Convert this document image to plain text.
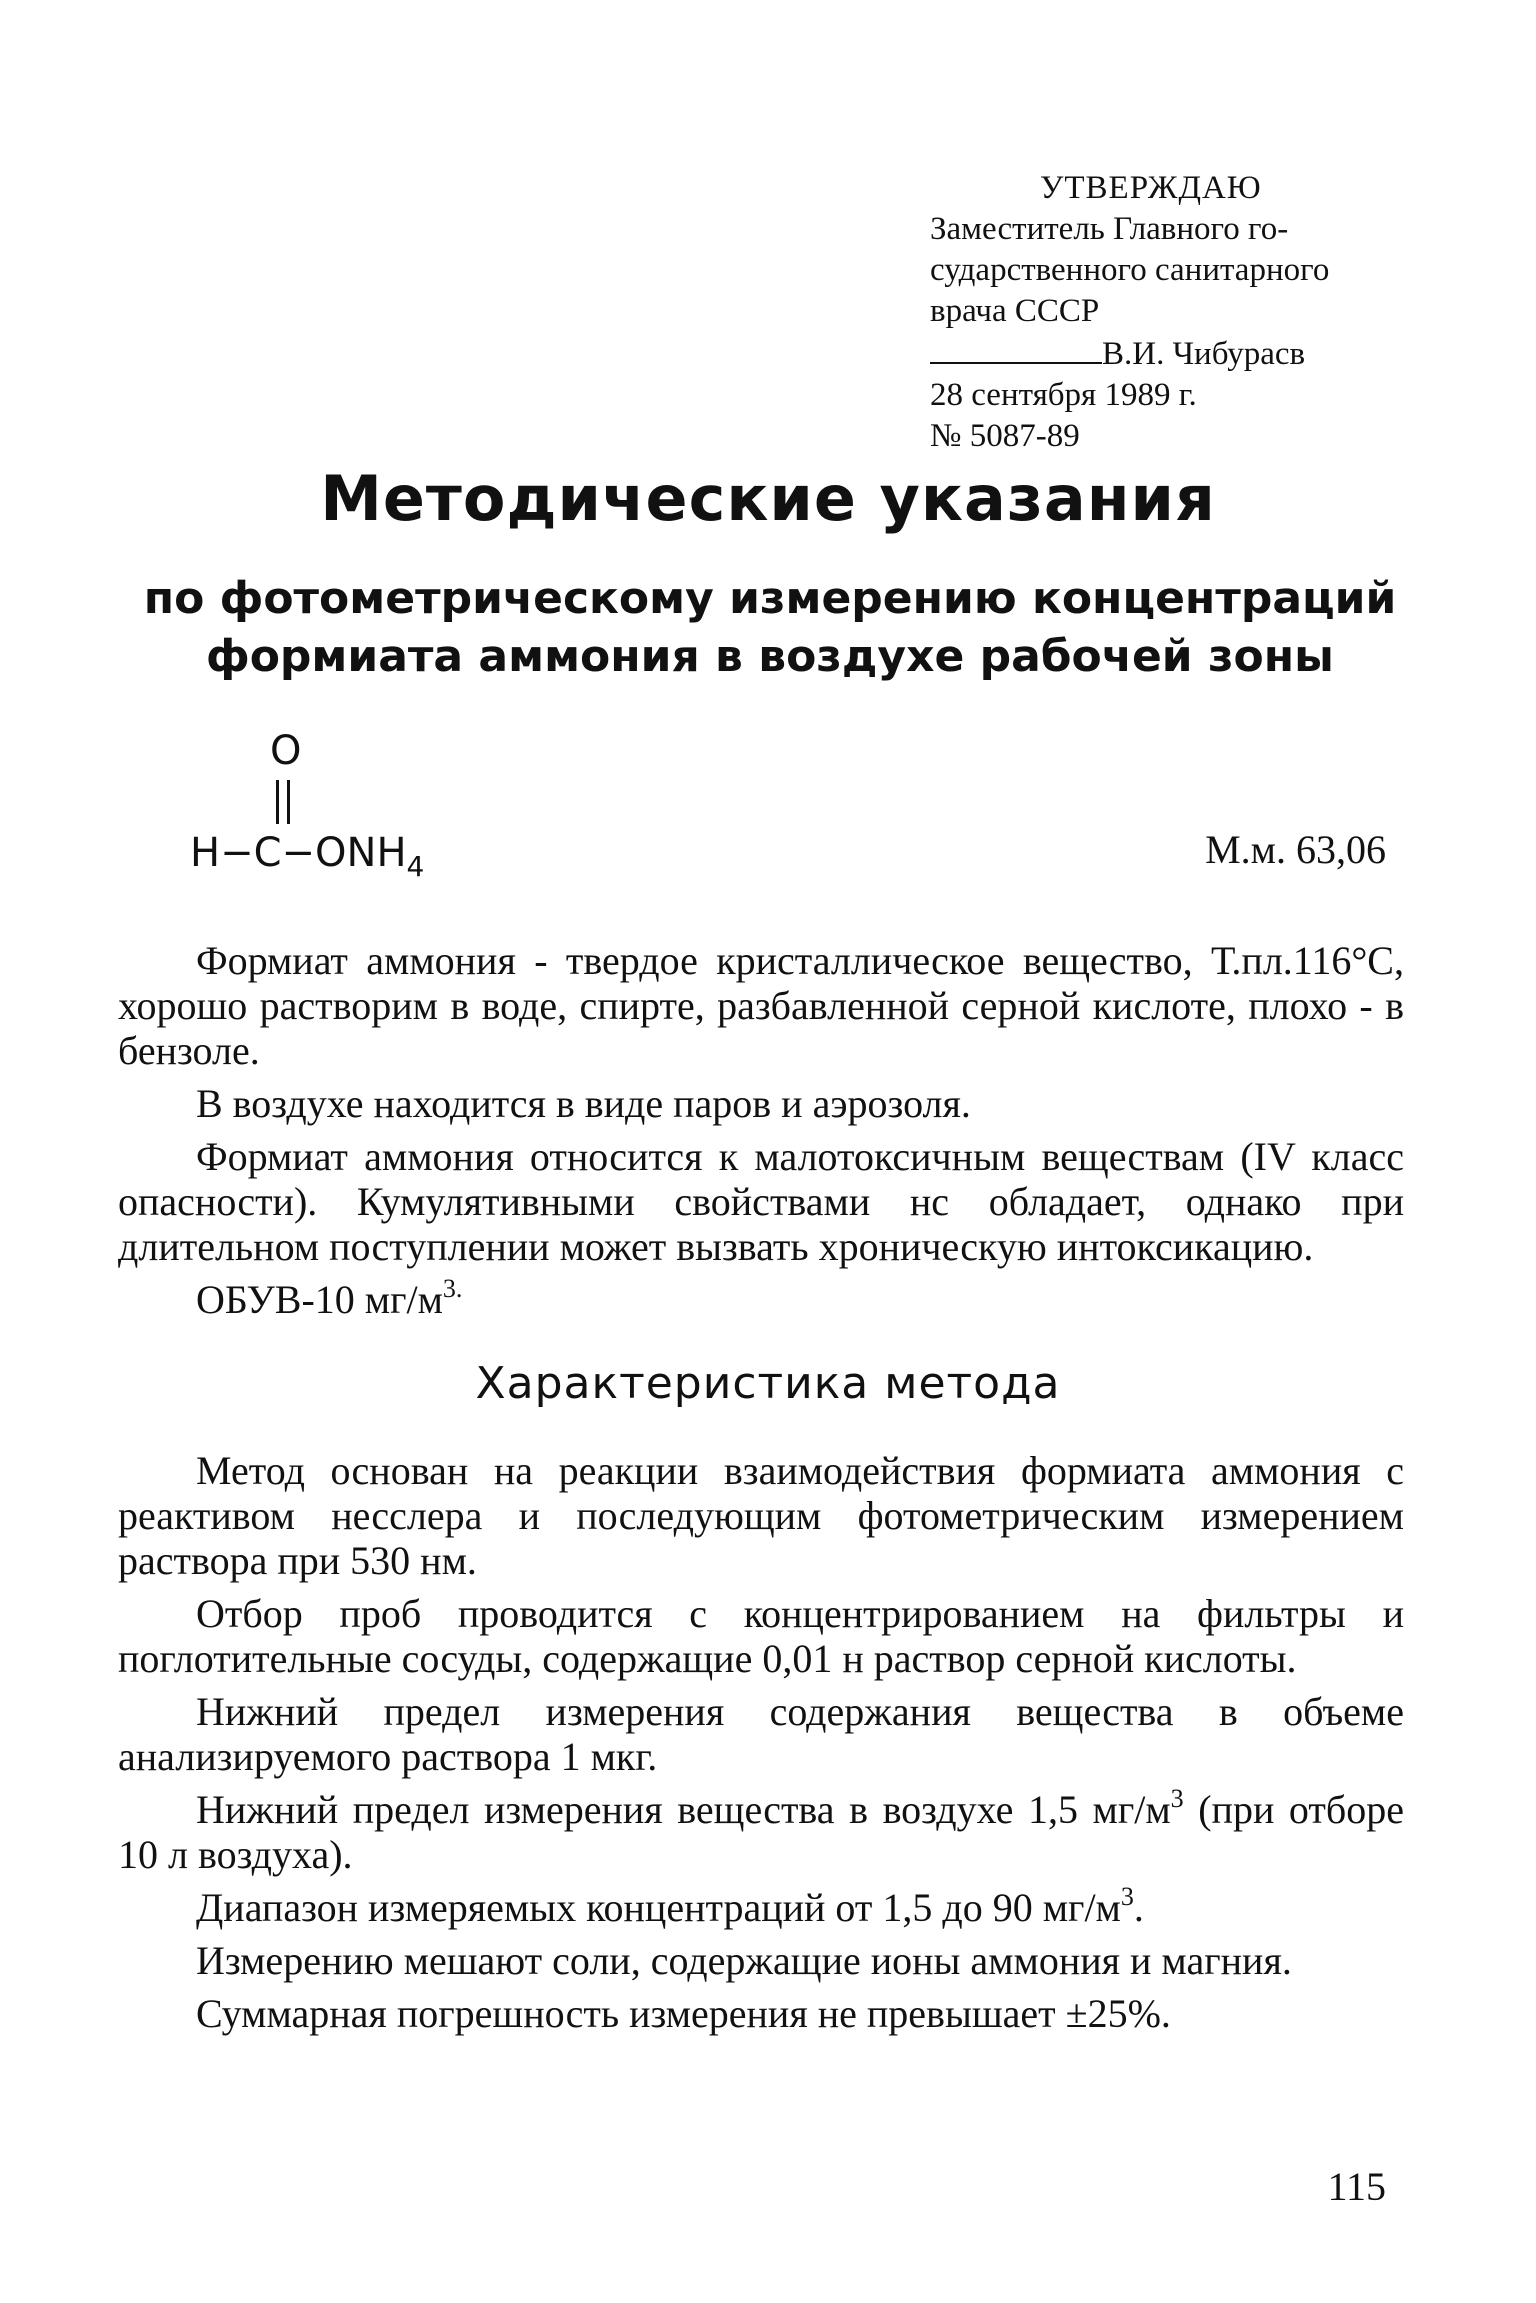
УТВЕРЖДАЮ
Заместитель Главного го-
сударственного санитарного
врача СССР
В.И. Чибурасв
28 сентября 1989 г.
№ 5087-89
Методические указания
по фотометрическому измерению концентраций
формиата аммония в воздухе рабочей зоны
O
$H-C-ONH_4$	М.м. 63,06

Формиат аммония - твердое кристаллическое вещество, Т.пл.116°С, хорошо растворим в воде, спирте, разбавленной серной кислоте, плохо - в бензоле.

В воздухе находится в виде паров и аэрозоля.

Формиат аммония относится к малотоксичным веществам (IV класс опасности). Кумулятивными свойствами нс обладает, однако при длительном поступлении может вызвать хроническую интоксикацию.

ОБУВ-10 $мг/м^{3.}$

Характеристика метода

Метод основан на реакции взаимодействия формиата аммония с реактивом несслера и последующим фотометрическим измерением раствора при 530 нм.

Отбор проб проводится с концентрированием на фильтры и поглотительные сосуды, содержащие 0,01 н раствор серной кислоты.

Нижний предел измерения содержания вещества в объеме анализируемого раствора 1 мкг.

Нижний предел измерения вещества в воздухе 1,5 $мг/м^3$ (при отборе 10 л воздуха).

Диапазон измеряемых концентраций от 1,5 до 90 $мг/м^3$.

Измерению мешают соли, содержащие ионы аммония и магния.

Суммарная погрешность измерения не превышает ±25%.

115
